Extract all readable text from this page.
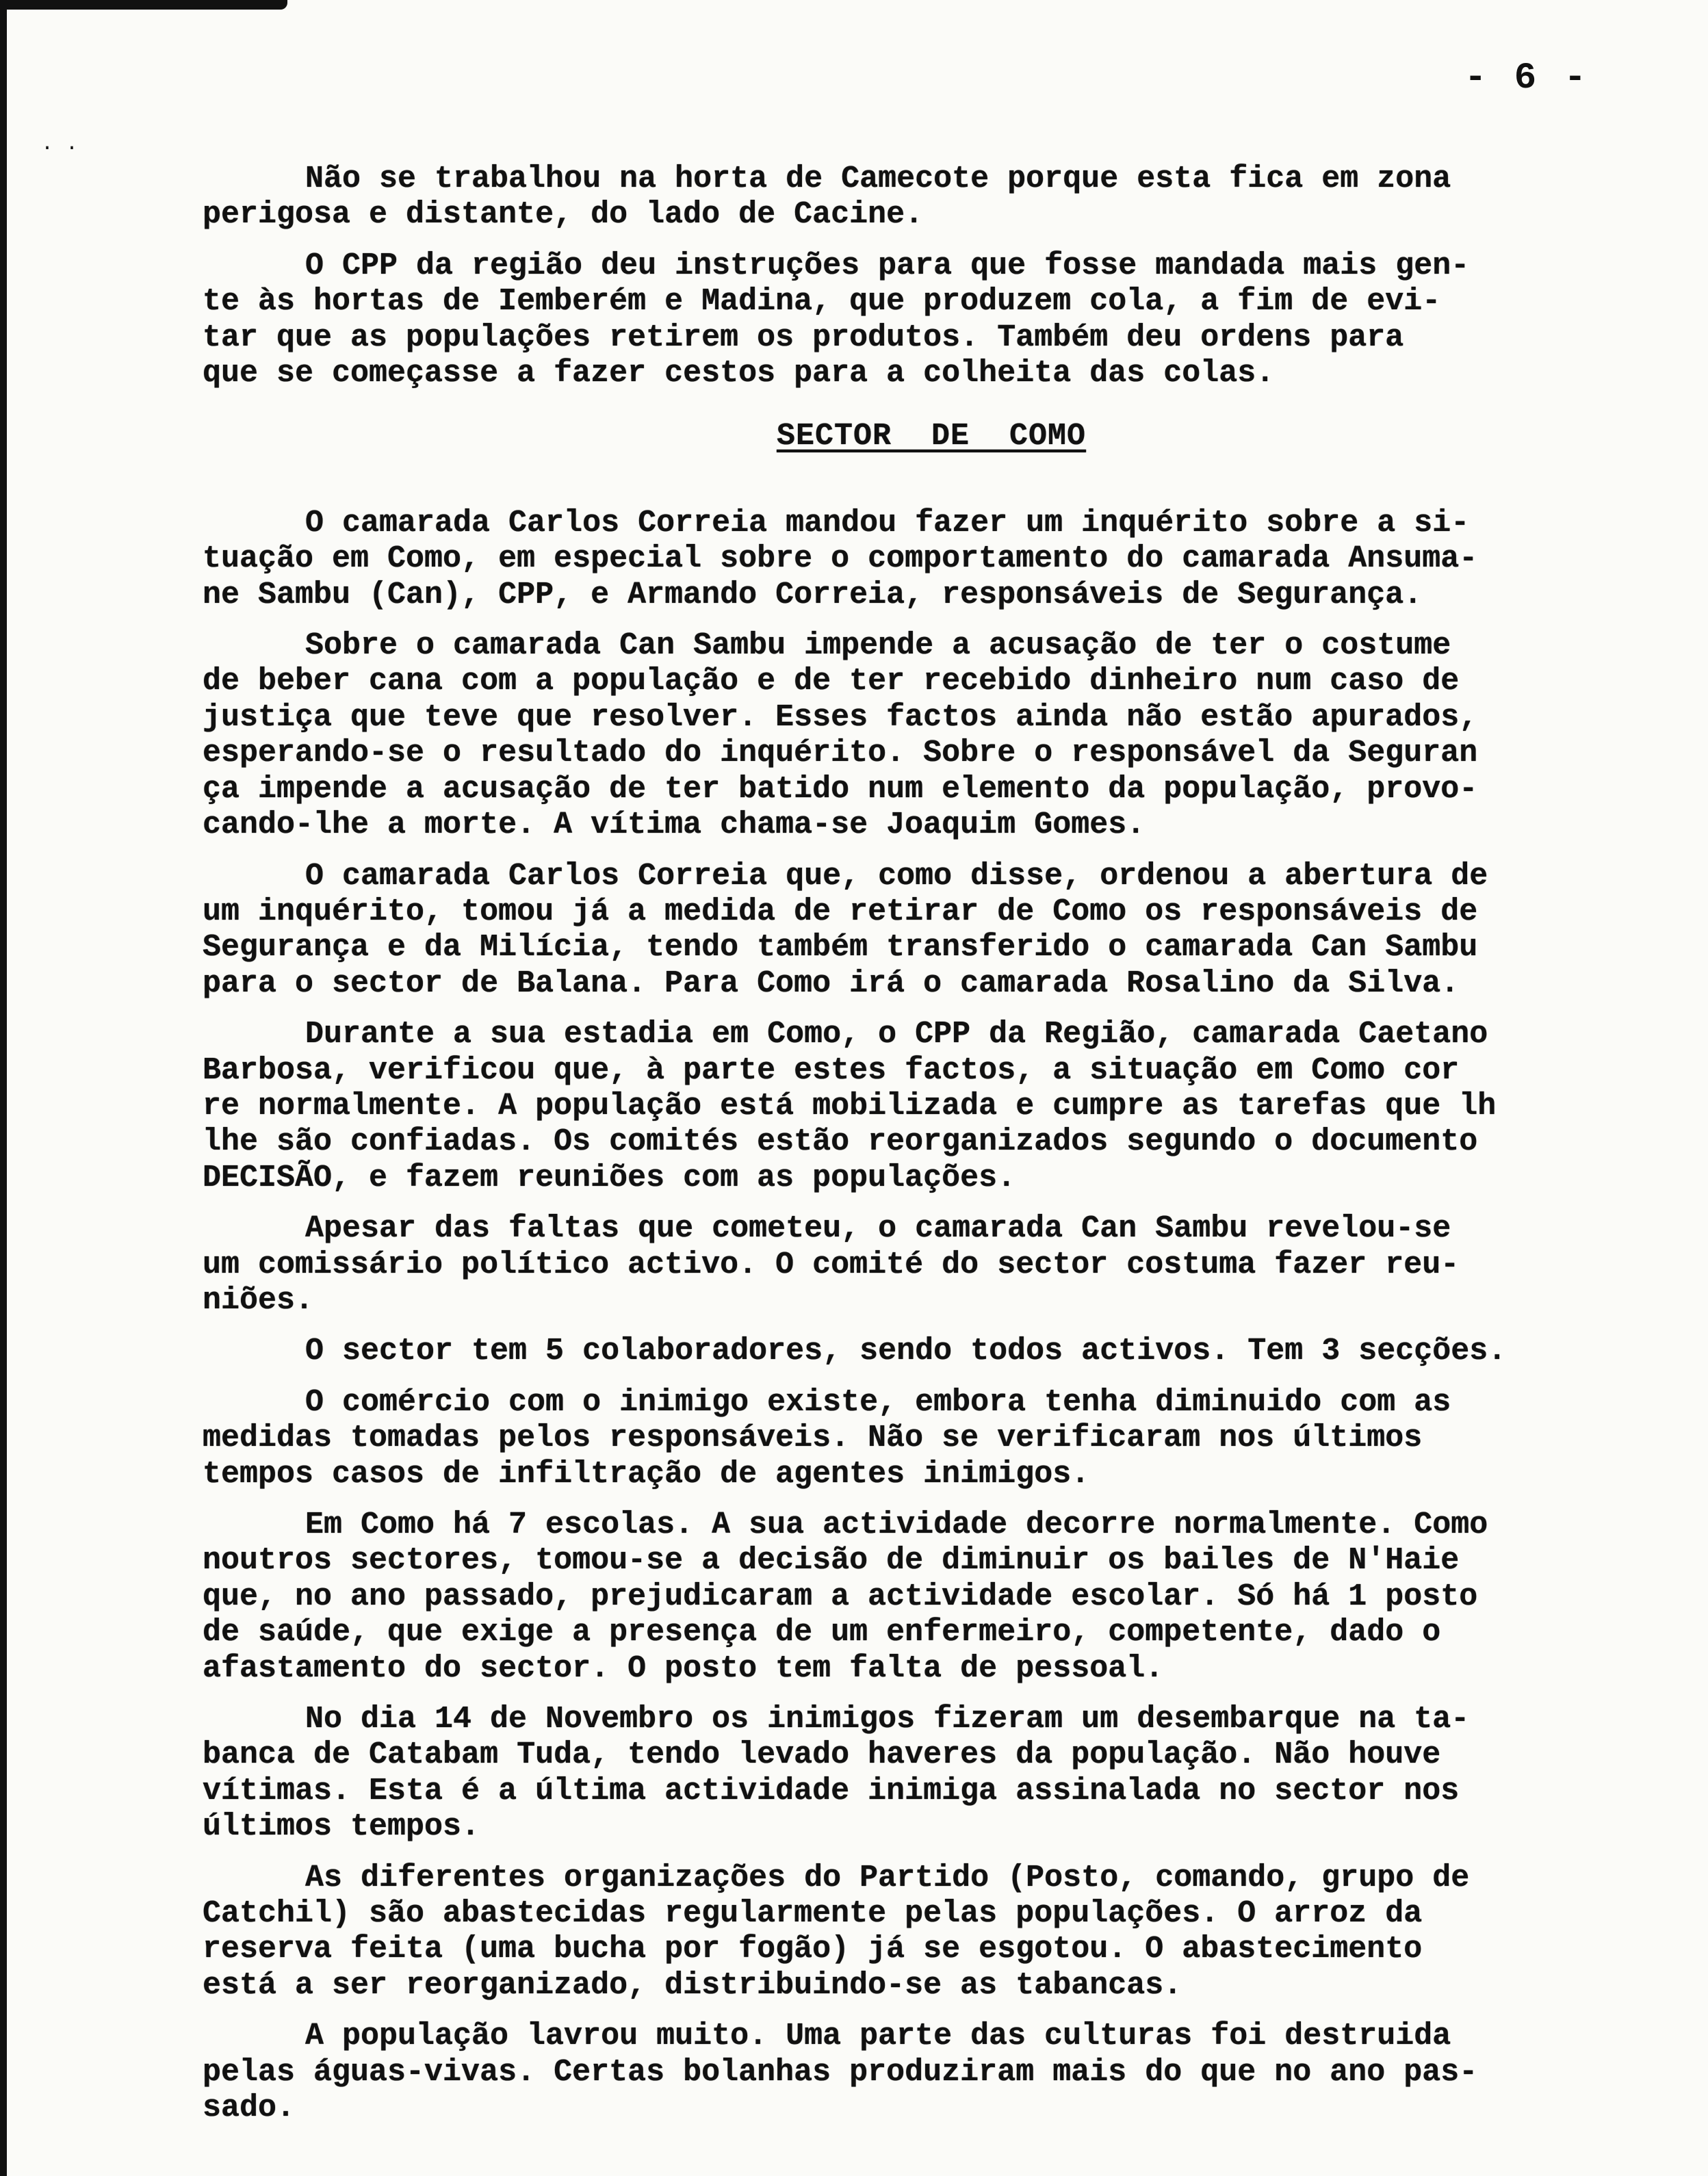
· ·
- 6 -

Não se trabalhou na horta de Camecote porque esta fica em zona
perigosa e distante, do lado de Cacine.

O CPP da região deu instruções para que fosse mandada mais gen-
te às hortas de Iemberém e Madina, que produzem cola, a fim de evi-
tar que as populações retirem os produtos. Também deu ordens para
que se começasse a fazer cestos para a colheita das colas.

SECTOR DE COMO

O camarada Carlos Correia mandou fazer um inquérito sobre a si-
tuação em Como, em especial sobre o comportamento do camarada Ansuma-
ne Sambu (Can), CPP, e Armando Correia, responsáveis de Segurança.

Sobre o camarada Can Sambu impende a acusação de ter o costume
de beber cana com a população e de ter recebido dinheiro num caso de
justiça que teve que resolver. Esses factos ainda não estão apurados,
esperando-se o resultado do inquérito. Sobre o responsável da Seguran
ça impende a acusação de ter batido num elemento da população, provo-
cando-lhe a morte. A vítima chama-se Joaquim Gomes.

O camarada Carlos Correia que, como disse, ordenou a abertura de
um inquérito, tomou já a medida de retirar de Como os responsáveis de
Segurança e da Milícia, tendo também transferido o camarada Can Sambu
para o sector de Balana. Para Como irá o camarada Rosalino da Silva.

Durante a sua estadia em Como, o CPP da Região, camarada Caetano
Barbosa, verificou que, à parte estes factos, a situação em Como cor
re normalmente. A população está mobilizada e cumpre as tarefas que lh
lhe são confiadas. Os comités estão reorganizados segundo o documento
DECISÃO, e fazem reuniões com as populações.

Apesar das faltas que cometeu, o camarada Can Sambu revelou-se
um comissário político activo. O comité do sector costuma fazer reu-
niões.

O sector tem 5 colaboradores, sendo todos activos. Tem 3 secções.

O comércio com o inimigo existe, embora tenha diminuido com as
medidas tomadas pelos responsáveis. Não se verificaram nos últimos
tempos casos de infiltração de agentes inimigos.

Em Como há 7 escolas. A sua actividade decorre normalmente. Como
noutros sectores, tomou-se a decisão de diminuir os bailes de N'Haie
que, no ano passado, prejudicaram a actividade escolar. Só há 1 posto
de saúde, que exige a presença de um enfermeiro, competente, dado o
afastamento do sector. O posto tem falta de pessoal.

No dia 14 de Novembro os inimigos fizeram um desembarque na ta-
banca de Catabam Tuda, tendo levado haveres da população. Não houve
vítimas. Esta é a última actividade inimiga assinalada no sector nos
últimos tempos.

As diferentes organizações do Partido (Posto, comando, grupo de
Catchil) são abastecidas regularmente pelas populações. O arroz da
reserva feita (uma bucha por fogão) já se esgotou. O abastecimento
está a ser reorganizado, distribuindo-se as tabancas.

A população lavrou muito. Uma parte das culturas foi destruida
pelas águas-vivas. Certas bolanhas produziram mais do que no ano pas-
sado.
